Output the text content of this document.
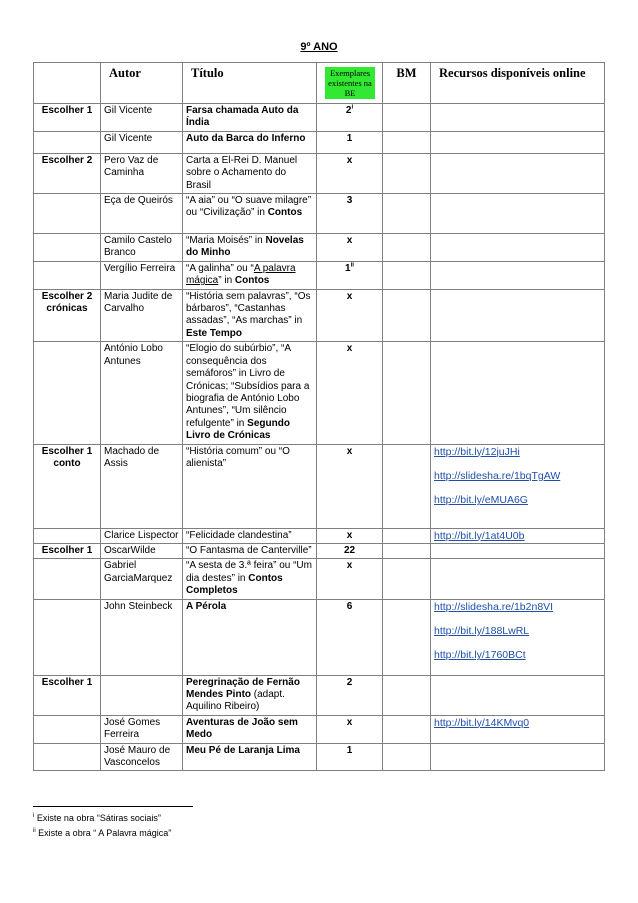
9º ANO
	Autor	Título	Exemplares existentes na BE	BM	Recursos disponíveis online
Escolher 1	Gil Vicente	Farsa chamada Auto da Índia	2$^i$		
	Gil Vicente	Auto da Barca do Inferno	1		
Escolher 2	Pero Vaz de Caminha	Carta a El-Rei D. Manuel sobre o Achamento do Brasil	x		
	Eça de Queirós	“A aia” ou “O suave milagre” ou “Civilização” in Contos	3		
	Camilo Castelo Branco	“Maria Moisés” in Novelas do Minho	x		
	Vergílio Ferreira	“A galinha” ou “A palavra mágica” in Contos	1$^{ii}$		
Escolher 2 crónicas	Maria Judite de Carvalho	“História sem palavras”, “Os bárbaros”, “Castanhas assadas”, “As marchas” in Este Tempo	x		
	António Lobo Antunes	“Elogio do subúrbio”, “A consequência dos semáforos” in Livro de Crónicas; “Subsídios para a biografia de António Lobo Antunes”, “Um silêncio refulgente” in Segundo Livro de Crónicas	x		
Escolher 1 conto	Machado de Assis	“História comum” ou “O alienista”	x		http://bit.ly/12juJHi
http://slidesha.re/1bqTgAW
http://bit.ly/eMUA6G

	Clarice Lispector	“Felicidade clandestina”	x		http://bit.ly/1at4U0b

Escolher 1	OscarWilde	“O Fantasma de Canterville”	22		
	Gabriel GarciaMarquez	“A sesta de 3.ª feira” ou “Um dia destes” in Contos Completos	x		
	John Steinbeck	A Pérola	6		http://slidesha.re/1b2n8VI
http://bit.ly/188LwRL
http://bit.ly/1760BCt

Escolher 1		Peregrinação de Fernão Mendes Pinto (adapt. Aquilino Ribeiro)	2		
	José Gomes Ferreira	Aventuras de João sem Medo	x		http://bit.ly/14KMvq0

	José Mauro de Vasconcelos	Meu Pé de Laranja Lima	1		
$^i$ Existe na obra “Sátiras sociais”
$^{ii}$ Existe a obra “ A Palavra mágica”
